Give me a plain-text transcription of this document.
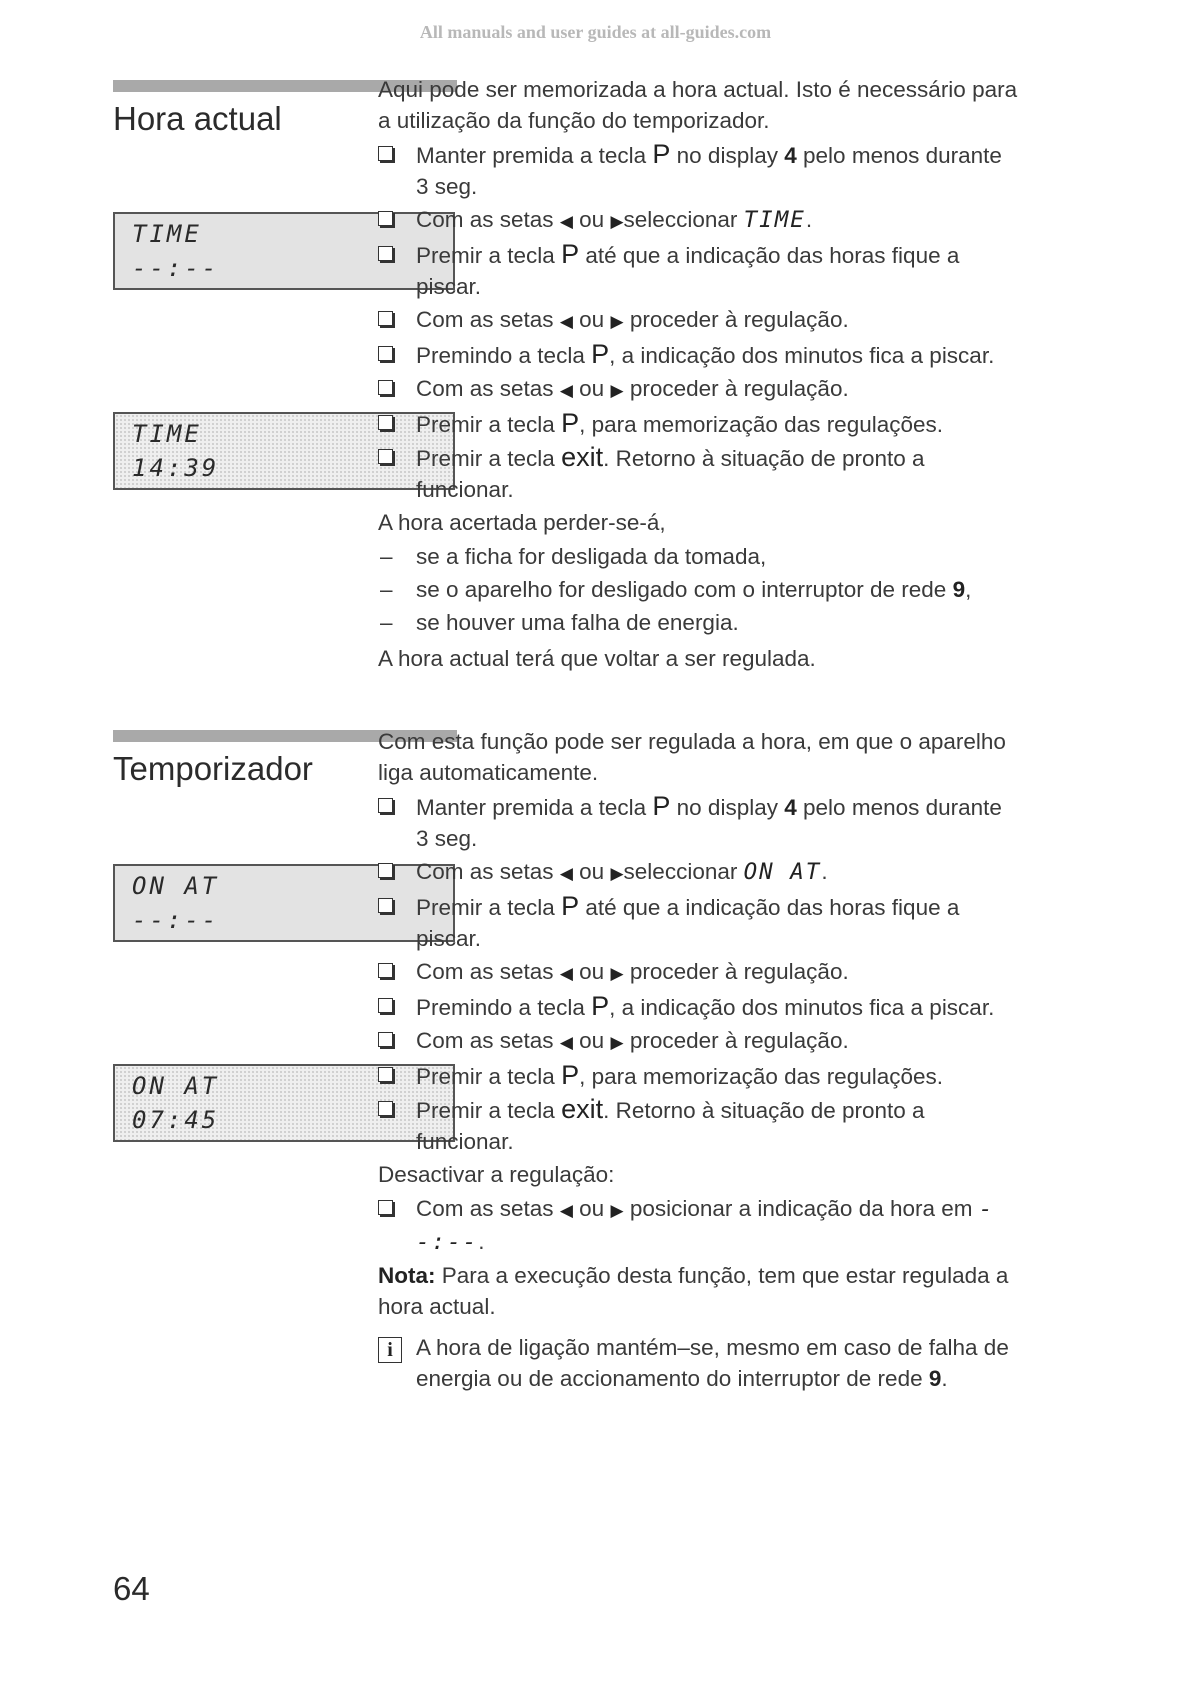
All manuals and user guides at all-guides.com
Hora actual
TIME
--:--
TIME
14:39

Aqui pode ser memorizada a hora actual. Isto é necessário para a utilização da função do temporizador.

Manter premida a tecla P no display 4 pelo menos durante 3 seg.
Com as setas ◀ ou ▶seleccionar TIME.
Premir a tecla P até que a indicação das horas fique a piscar.
Com as setas ◀ ou ▶ proceder à regulação.
Premindo a tecla P, a indicação dos minutos fica a piscar.
Com as setas ◀ ou ▶ proceder à regulação.
Premir a tecla P, para memorização das regulações.
Premir a tecla exit. Retorno à situação de pronto a funcionar.

A hora acertada perder-se-á,

– se a ficha for desligada da tomada,
– se o aparelho for desligado com o interruptor de rede 9,
– se houver uma falha de energia.

A hora actual terá que voltar a ser regulada.

Temporizador
ON AT
--:--
ON AT
07:45

Com esta função pode ser regulada a hora, em que o aparelho liga automaticamente.

Manter premida a tecla P no display 4 pelo menos durante 3 seg.
Com as setas ◀ ou ▶seleccionar ON AT.
Premir a tecla P até que a indicação das horas fique a piscar.
Com as setas ◀ ou ▶ proceder à regulação.
Premindo a tecla P, a indicação dos minutos fica a piscar.
Com as setas ◀ ou ▶ proceder à regulação.
Premir a tecla P, para memorização das regulações.
Premir a tecla exit. Retorno à situação de pronto a funcionar.

Desactivar a regulação:

Com as setas ◀ ou ▶ posicionar a indicação da hora em --:--.

Nota: Para a execução desta função, tem que estar regulada a hora actual.

i	A hora de ligação mantém–se, mesmo em caso de falha de energia ou de accionamento do interruptor de rede 9.
64
